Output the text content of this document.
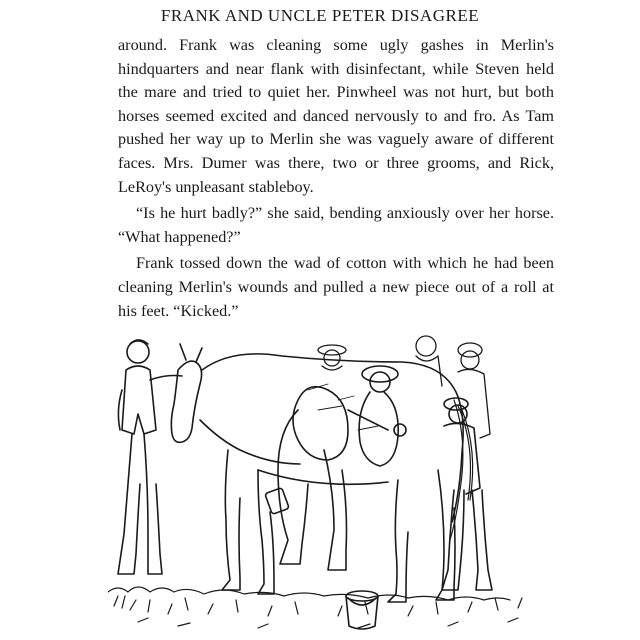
FRANK AND UNCLE PETER DISAGREE

around. Frank was cleaning some ugly gashes in Merlin's hindquarters and near flank with disinfectant, while Steven held the mare and tried to quiet her. Pinwheel was not hurt, but both horses seemed excited and danced nervously to and fro. As Tam pushed her way up to Merlin she was vaguely aware of different faces. Mrs. Dumer was there, two or three grooms, and Rick, LeRoy's unpleasant stableboy.

“Is he hurt badly?” she said, bending anxiously over her horse. “What happened?”

Frank tossed down the wad of cotton with which he had been cleaning Merlin's wounds and pulled a new piece out of a roll at his feet. “Kicked.”
